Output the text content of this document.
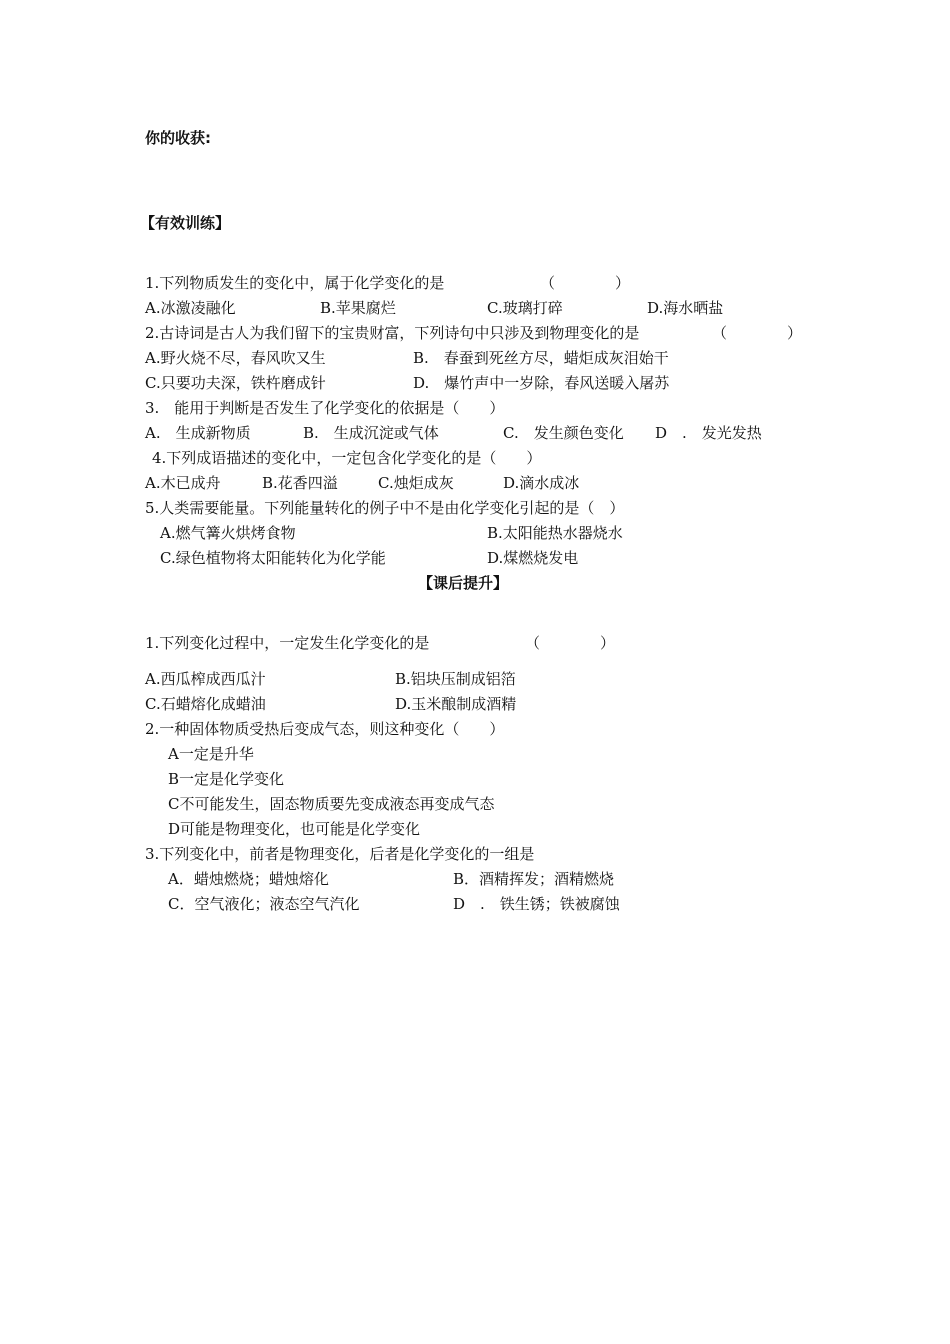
你的收获:
【有效训练】
1.下列物质发生的变化中，属于化学变化的是	（　　　　）
A.冰激凌融化	B.苹果腐烂	C.玻璃打碎	D.海水晒盐
2.古诗词是古人为我们留下的宝贵财富，下列诗句中只涉及到物理变化的是	（　　　　）
A.野火烧不尽，春风吹又生	B.　春蚕到死丝方尽，蜡炬成灰泪始干
C.只要功夫深，铁杵磨成针	D.　爆竹声中一岁除，春风送暖入屠苏
3.　能用于判断是否发生了化学变化的依据是（　　）
A.　生成新物质	B.　生成沉淀或气体	C.　发生颜色变化 D　.　发光发热
4.下列成语描述的变化中，一定包含化学变化的是（　　）
A.木已成舟	B.花香四溢	C.烛炬成灰	D.滴水成冰
5.人类需要能量。下列能量转化的例子中不是由化学变化引起的是（　）
A.燃气篝火烘烤食物	B.太阳能热水器烧水
C.绿色植物将太阳能转化为化学能	D.煤燃烧发电
【课后提升】
1.下列变化过程中，一定发生化学变化的是	（　　　　）
A.西瓜榨成西瓜汁	B.铝块压制成铝箔
C.石蜡熔化成蜡油	D.玉米酿制成酒精
2.一种固体物质受热后变成气态，则这种变化（　　）
A一定是升华
B一定是化学变化
C不可能发生，固态物质要先变成液态再变成气态
D可能是物理变化，也可能是化学变化
3.下列变化中，前者是物理变化，后者是化学变化的一组是
A．蜡烛燃烧；蜡烛熔化	B．酒精挥发；酒精燃烧
C．空气液化；液态空气汽化	D　.　铁生锈；铁被腐蚀
